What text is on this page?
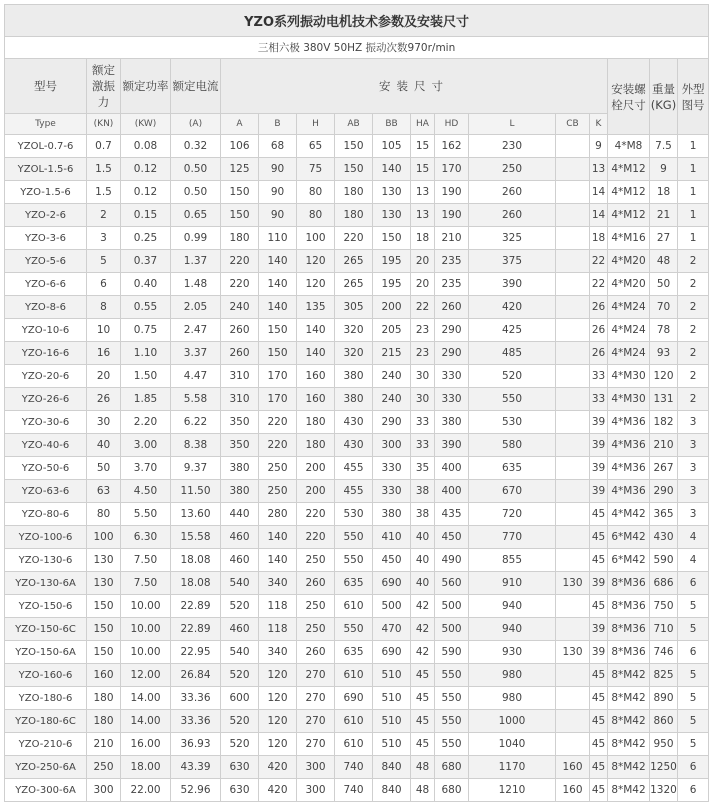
YZO系列振动电机技术参数及安装尺寸																
三相六极 380V 50HZ 振动次数970r/min																
型号	额定激振力	额定功率	额定电流	安装尺寸										安装螺栓尺寸	重量(KG)	外型图号
Type	(KN)	(KW)	(A)	A	B	H	AB	BB	HA	HD	L	CB	K			
YZOL-0.7-6	0.7	0.08	0.32	106	68	65	150	105	15	162	230		9	4*M8	7.5	1
YZOL-1.5-6	1.5	0.12	0.50	125	90	75	150	140	15	170	250		13	4*M12	9	1
YZO-1.5-6	1.5	0.12	0.50	150	90	80	180	130	13	190	260		14	4*M12	18	1
YZO-2-6	2	0.15	0.65	150	90	80	180	130	13	190	260		14	4*M12	21	1
YZO-3-6	3	0.25	0.99	180	110	100	220	150	18	210	325		18	4*M16	27	1
YZO-5-6	5	0.37	1.37	220	140	120	265	195	20	235	375		22	4*M20	48	2
YZO-6-6	6	0.40	1.48	220	140	120	265	195	20	235	390		22	4*M20	50	2
YZO-8-6	8	0.55	2.05	240	140	135	305	200	22	260	420		26	4*M24	70	2
YZO-10-6	10	0.75	2.47	260	150	140	320	205	23	290	425		26	4*M24	78	2
YZO-16-6	16	1.10	3.37	260	150	140	320	215	23	290	485		26	4*M24	93	2
YZO-20-6	20	1.50	4.47	310	170	160	380	240	30	330	520		33	4*M30	120	2
YZO-26-6	26	1.85	5.58	310	170	160	380	240	30	330	550		33	4*M30	131	2
YZO-30-6	30	2.20	6.22	350	220	180	430	290	33	380	530		39	4*M36	182	3
YZO-40-6	40	3.00	8.38	350	220	180	430	300	33	390	580		39	4*M36	210	3
YZO-50-6	50	3.70	9.37	380	250	200	455	330	35	400	635		39	4*M36	267	3
YZO-63-6	63	4.50	11.50	380	250	200	455	330	38	400	670		39	4*M36	290	3
YZO-80-6	80	5.50	13.60	440	280	220	530	380	38	435	720		45	4*M42	365	3
YZO-100-6	100	6.30	15.58	460	140	220	550	410	40	450	770		45	6*M42	430	4
YZO-130-6	130	7.50	18.08	460	140	250	550	450	40	490	855		45	6*M42	590	4
YZO-130-6A	130	7.50	18.08	540	340	260	635	690	40	560	910	130	39	8*M36	686	6
YZO-150-6	150	10.00	22.89	520	118	250	610	500	42	500	940		45	8*M36	750	5
YZO-150-6C	150	10.00	22.89	460	118	250	550	470	42	500	940		39	8*M36	710	5
YZO-150-6A	150	10.00	22.95	540	340	260	635	690	42	590	930	130	39	8*M36	746	6
YZO-160-6	160	12.00	26.84	520	120	270	610	510	45	550	980		45	8*M42	825	5
YZO-180-6	180	14.00	33.36	600	120	270	690	510	45	550	980		45	8*M42	890	5
YZO-180-6C	180	14.00	33.36	520	120	270	610	510	45	550	1000		45	8*M42	860	5
YZO-210-6	210	16.00	36.93	520	120	270	610	510	45	550	1040		45	8*M42	950	5
YZO-250-6A	250	18.00	43.39	630	420	300	740	840	48	680	1170	160	45	8*M42	1250	6
YZO-300-6A	300	22.00	52.96	630	420	300	740	840	48	680	1210	160	45	8*M42	1320	6
